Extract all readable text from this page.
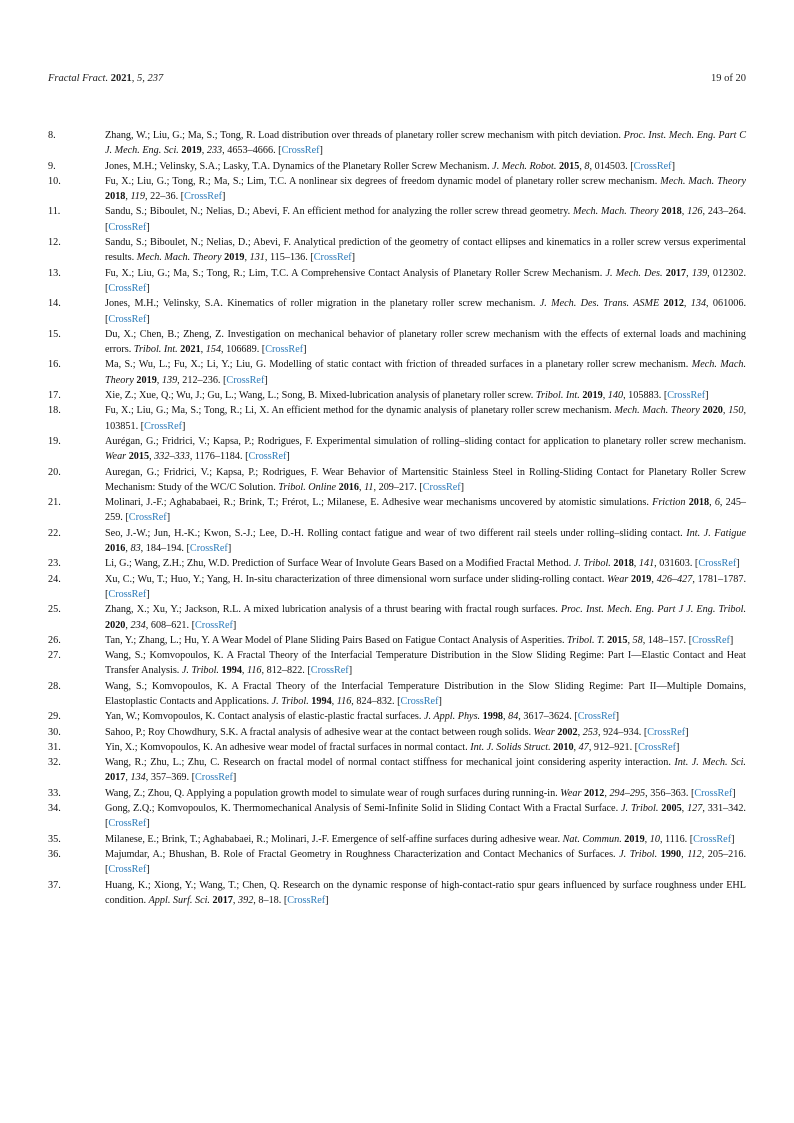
Fractal Fract. 2021, 5, 237	19 of 20
8.	Zhang, W.; Liu, G.; Ma, S.; Tong, R. Load distribution over threads of planetary roller screw mechanism with pitch deviation. Proc. Inst. Mech. Eng. Part C J. Mech. Eng. Sci. 2019, 233, 4653–4666. [CrossRef]
9.	Jones, M.H.; Velinsky, S.A.; Lasky, T.A. Dynamics of the Planetary Roller Screw Mechanism. J. Mech. Robot. 2015, 8, 014503. [CrossRef]
10.	Fu, X.; Liu, G.; Tong, R.; Ma, S.; Lim, T.C. A nonlinear six degrees of freedom dynamic model of planetary roller screw mechanism. Mech. Mach. Theory 2018, 119, 22–36. [CrossRef]
11.	Sandu, S.; Biboulet, N.; Nelias, D.; Abevi, F. An efficient method for analyzing the roller screw thread geometry. Mech. Mach. Theory 2018, 126, 243–264. [CrossRef]
12.	Sandu, S.; Biboulet, N.; Nelias, D.; Abevi, F. Analytical prediction of the geometry of contact ellipses and kinematics in a roller screw versus experimental results. Mech. Mach. Theory 2019, 131, 115–136. [CrossRef]
13.	Fu, X.; Liu, G.; Ma, S.; Tong, R.; Lim, T.C. A Comprehensive Contact Analysis of Planetary Roller Screw Mechanism. J. Mech. Des. 2017, 139, 012302. [CrossRef]
14.	Jones, M.H.; Velinsky, S.A. Kinematics of roller migration in the planetary roller screw mechanism. J. Mech. Des. Trans. ASME 2012, 134, 061006. [CrossRef]
15.	Du, X.; Chen, B.; Zheng, Z. Investigation on mechanical behavior of planetary roller screw mechanism with the effects of external loads and machining errors. Tribol. Int. 2021, 154, 106689. [CrossRef]
16.	Ma, S.; Wu, L.; Fu, X.; Li, Y.; Liu, G. Modelling of static contact with friction of threaded surfaces in a planetary roller screw mechanism. Mech. Mach. Theory 2019, 139, 212–236. [CrossRef]
17.	Xie, Z.; Xue, Q.; Wu, J.; Gu, L.; Wang, L.; Song, B. Mixed-lubrication analysis of planetary roller screw. Tribol. Int. 2019, 140, 105883. [CrossRef]
18.	Fu, X.; Liu, G.; Ma, S.; Tong, R.; Li, X. An efficient method for the dynamic analysis of planetary roller screw mechanism. Mech. Mach. Theory 2020, 150, 103851. [CrossRef]
19.	Aurégan, G.; Fridrici, V.; Kapsa, P.; Rodrigues, F. Experimental simulation of rolling–sliding contact for application to planetary roller screw mechanism. Wear 2015, 332–333, 1176–1184. [CrossRef]
20.	Auregan, G.; Fridrici, V.; Kapsa, P.; Rodrigues, F. Wear Behavior of Martensitic Stainless Steel in Rolling-Sliding Contact for Planetary Roller Screw Mechanism: Study of the WC/C Solution. Tribol. Online 2016, 11, 209–217. [CrossRef]
21.	Molinari, J.-F.; Aghababaei, R.; Brink, T.; Frérot, L.; Milanese, E. Adhesive wear mechanisms uncovered by atomistic simulations. Friction 2018, 6, 245–259. [CrossRef]
22.	Seo, J.-W.; Jun, H.-K.; Kwon, S.-J.; Lee, D.-H. Rolling contact fatigue and wear of two different rail steels under rolling–sliding contact. Int. J. Fatigue 2016, 83, 184–194. [CrossRef]
23.	Li, G.; Wang, Z.H.; Zhu, W.D. Prediction of Surface Wear of Involute Gears Based on a Modified Fractal Method. J. Tribol. 2018, 141, 031603. [CrossRef]
24.	Xu, C.; Wu, T.; Huo, Y.; Yang, H. In-situ characterization of three dimensional worn surface under sliding-rolling contact. Wear 2019, 426–427, 1781–1787. [CrossRef]
25.	Zhang, X.; Xu, Y.; Jackson, R.L. A mixed lubrication analysis of a thrust bearing with fractal rough surfaces. Proc. Inst. Mech. Eng. Part J J. Eng. Tribol. 2020, 234, 608–621. [CrossRef]
26.	Tan, Y.; Zhang, L.; Hu, Y. A Wear Model of Plane Sliding Pairs Based on Fatigue Contact Analysis of Asperities. Tribol. T. 2015, 58, 148–157. [CrossRef]
27.	Wang, S.; Komvopoulos, K. A Fractal Theory of the Interfacial Temperature Distribution in the Slow Sliding Regime: Part I—Elastic Contact and Heat Transfer Analysis. J. Tribol. 1994, 116, 812–822. [CrossRef]
28.	Wang, S.; Komvopoulos, K. A Fractal Theory of the Interfacial Temperature Distribution in the Slow Sliding Regime: Part II—Multiple Domains, Elastoplastic Contacts and Applications. J. Tribol. 1994, 116, 824–832. [CrossRef]
29.	Yan, W.; Komvopoulos, K. Contact analysis of elastic-plastic fractal surfaces. J. Appl. Phys. 1998, 84, 3617–3624. [CrossRef]
30.	Sahoo, P.; Roy Chowdhury, S.K. A fractal analysis of adhesive wear at the contact between rough solids. Wear 2002, 253, 924–934. [CrossRef]
31.	Yin, X.; Komvopoulos, K. An adhesive wear model of fractal surfaces in normal contact. Int. J. Solids Struct. 2010, 47, 912–921. [CrossRef]
32.	Wang, R.; Zhu, L.; Zhu, C. Research on fractal model of normal contact stiffness for mechanical joint considering asperity interaction. Int. J. Mech. Sci. 2017, 134, 357–369. [CrossRef]
33.	Wang, Z.; Zhou, Q. Applying a population growth model to simulate wear of rough surfaces during running-in. Wear 2012, 294–295, 356–363. [CrossRef]
34.	Gong, Z.Q.; Komvopoulos, K. Thermomechanical Analysis of Semi-Infinite Solid in Sliding Contact With a Fractal Surface. J. Tribol. 2005, 127, 331–342. [CrossRef]
35.	Milanese, E.; Brink, T.; Aghababaei, R.; Molinari, J.-F. Emergence of self-affine surfaces during adhesive wear. Nat. Commun. 2019, 10, 1116. [CrossRef]
36.	Majumdar, A.; Bhushan, B. Role of Fractal Geometry in Roughness Characterization and Contact Mechanics of Surfaces. J. Tribol. 1990, 112, 205–216. [CrossRef]
37.	Huang, K.; Xiong, Y.; Wang, T.; Chen, Q. Research on the dynamic response of high-contact-ratio spur gears influenced by surface roughness under EHL condition. Appl. Surf. Sci. 2017, 392, 8–18. [CrossRef]
